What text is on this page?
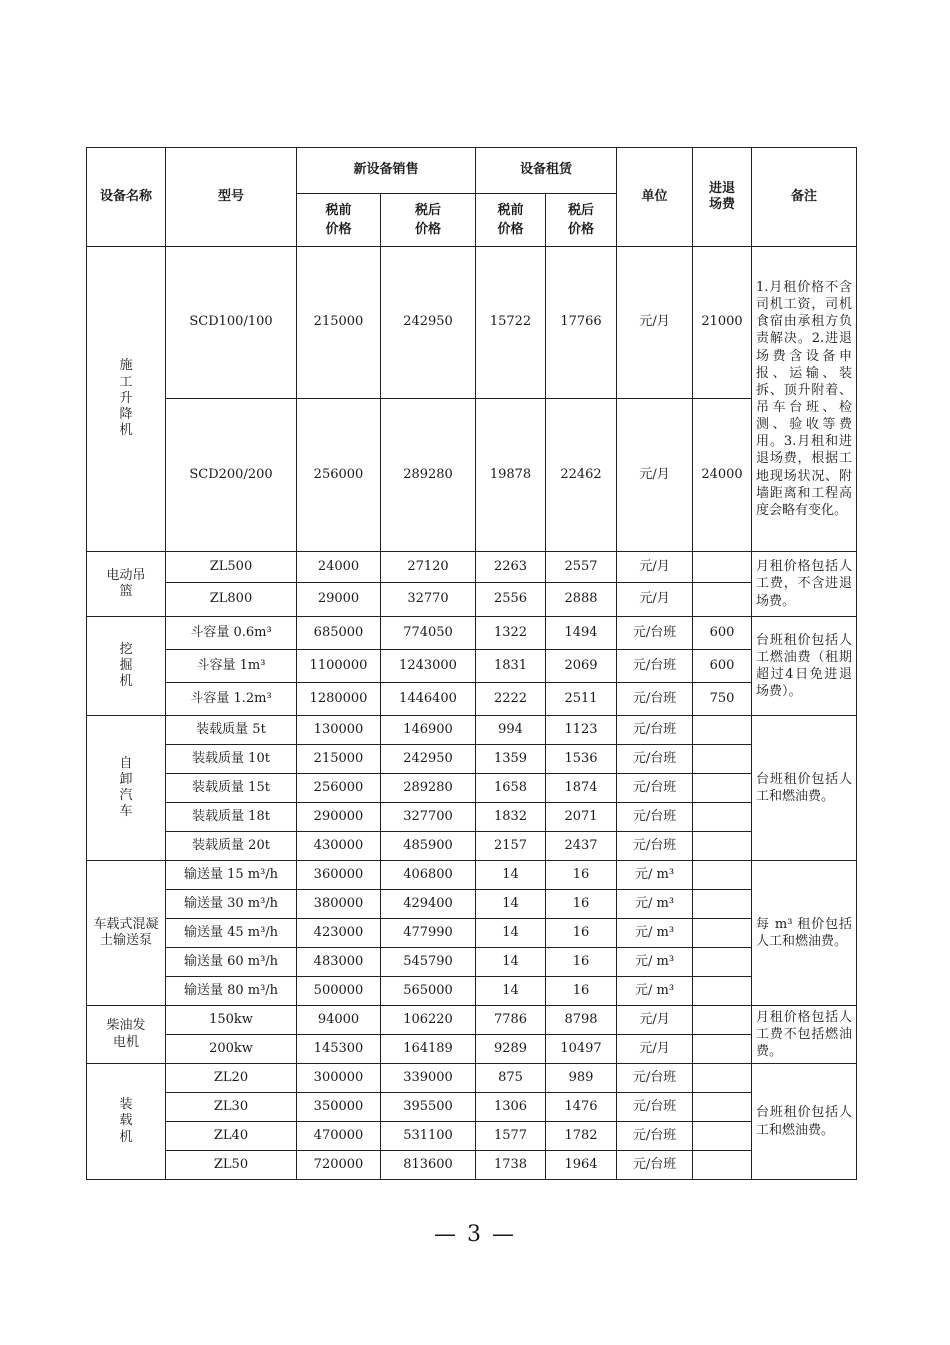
设备名称	型号	新设备销售		设备租赁		单位	进退场费	备注
		税前价格	税后价格	税前价格	税后价格			
施工升降机	SCD100/100	215000	242950	15722	17766	元/月	21000	1.月租价格不含司机工资，司机食宿由承租方负责解决。2.进退场费含设备申报、运输、装拆、顶升附着、吊车台班、检测、验收等费用。3.月租和进退场费，根据工地现场状况、附墙距离和工程高度会略有变化。
	SCD200/200	256000	289280	19878	22462	元/月	24000	
电动吊篮	ZL500	24000	27120	2263	2557	元/月		月租价格包括人工费，不含进退场费。
	ZL800	29000	32770	2556	2888	元/月		
挖掘机	斗容量 0.6m³	685000	774050	1322	1494	元/台班	600	台班租价包括人工燃油费（租期超过4日免进退场费）。
	斗容量 1m³	1100000	1243000	1831	2069	元/台班	600	
	斗容量 1.2m³	1280000	1446400	2222	2511	元/台班	750	
自卸汽车	装载质量 5t	130000	146900	994	1123	元/台班		台班租价包括人工和燃油费。
	装载质量 10t	215000	242950	1359	1536	元/台班		
	装载质量 15t	256000	289280	1658	1874	元/台班		
	装载质量 18t	290000	327700	1832	2071	元/台班		
	装载质量 20t	430000	485900	2157	2437	元/台班		
车载式混凝土输送泵	输送量 15 m³/h	360000	406800	14	16	元/ m³		每 m³ 租价包括人工和燃油费。
	输送量 30 m³/h	380000	429400	14	16	元/ m³		
	输送量 45 m³/h	423000	477990	14	16	元/ m³		
	输送量 60 m³/h	483000	545790	14	16	元/ m³		
	输送量 80 m³/h	500000	565000	14	16	元/ m³		
柴油发电机	150kw	94000	106220	7786	8798	元/月		月租价格包括人工费不包括燃油费。
	200kw	145300	164189	9289	10497	元/月		
装载机	ZL20	300000	339000	875	989	元/台班		台班租价包括人工和燃油费。
	ZL30	350000	395500	1306	1476	元/台班		
	ZL40	470000	531100	1577	1782	元/台班		
	ZL50	720000	813600	1738	1964	元/台班		
— 3 —
